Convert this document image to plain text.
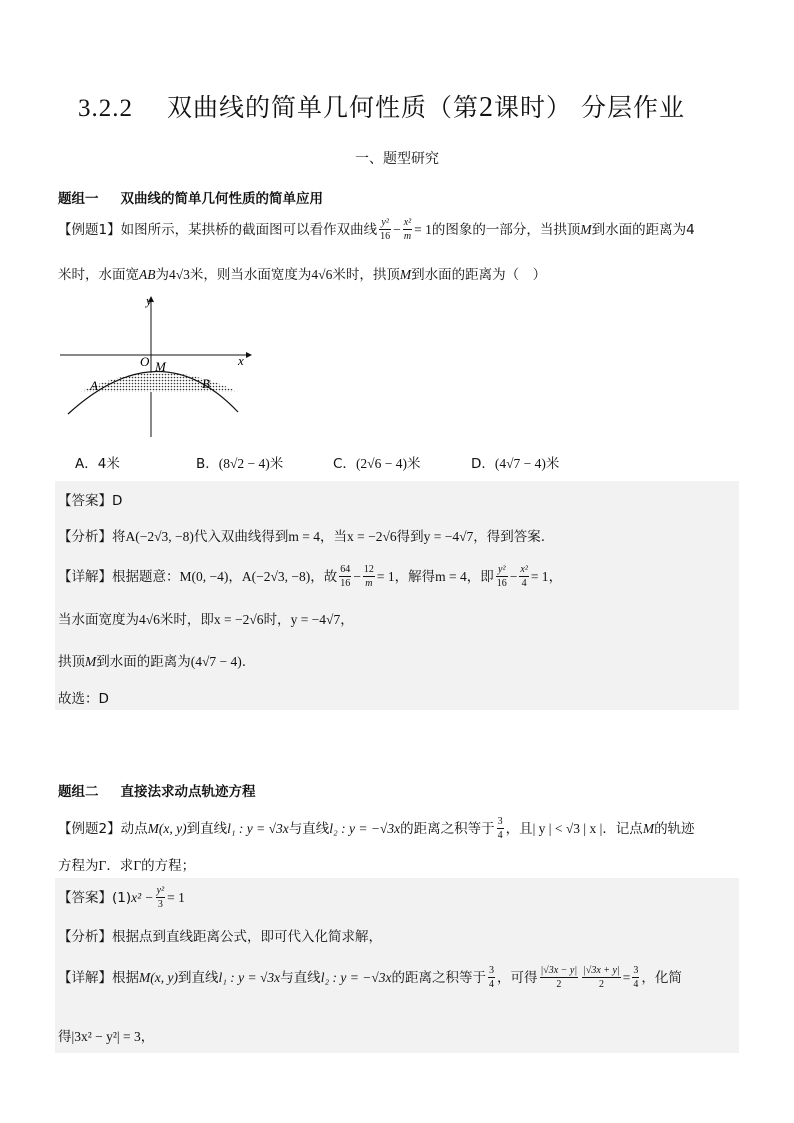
3.2.2 双曲线的简单几何性质（第2课时） 分层作业
一、题型研究
题组一 双曲线的简单几何性质的简单应用
【例题1】如图所示，某拱桥的截面图可以看作双曲线 $\frac{\text{y²}}{16} - \frac{\text{x²}}{m} = 1$的图象的一部分，当拱顶M到水面的距离为4
米时，水面宽AB为4√3米，则当水面宽度为4√6米时，拱顶M到水面的距离为（　）
y
x
O M
A	B
A．4米	B．(8√2 − 4)米	C．(2√6 − 4)米	D．(4√7 − 4)米
【答案】D
【分析】将A(−2√3, −8)代入双曲线得到m = 4，当x = −2√6得到y = −4√7，得到答案.
【详解】根据题意：M(0, −4)，A(−2√3, −8)，故 $\frac{64}{16} - \frac{12}{m} = 1$，解得m = 4，即 $\frac{\text{y²}}{16} - \frac{\text{x²}}{4} = 1$，
当水面宽度为4√6米时，即x = −2√6时，y = −4√7，
拱顶M到水面的距离为(4√7 − 4).
故选：D
题组二 直接法求动点轨迹方程
【例题2】动点M(x, y)到直线l₁ : y = √3x与直线l₂ : y = −√3x的距离之积等于 $\frac{3}{4}$ ，且| y | < √3 | x |．记点M的轨迹
方程为Γ．求Γ的方程；
【答案】$(1)x^2 - \frac{\text{y²}}{3} = 1$
【分析】根据点到直线距离公式，即可代入化简求解，
【详解】根据M(x, y)到直线l₁ : y = √3x与直线l₂ : y = −√3x的距离之积等于 $\frac{3}{4}$ ，可得 $\frac{|√3x - y|}{2} \frac{|√3x + y|}{2} = \frac{3}{4}$ ，化简
得|3x² − y²| = 3，
